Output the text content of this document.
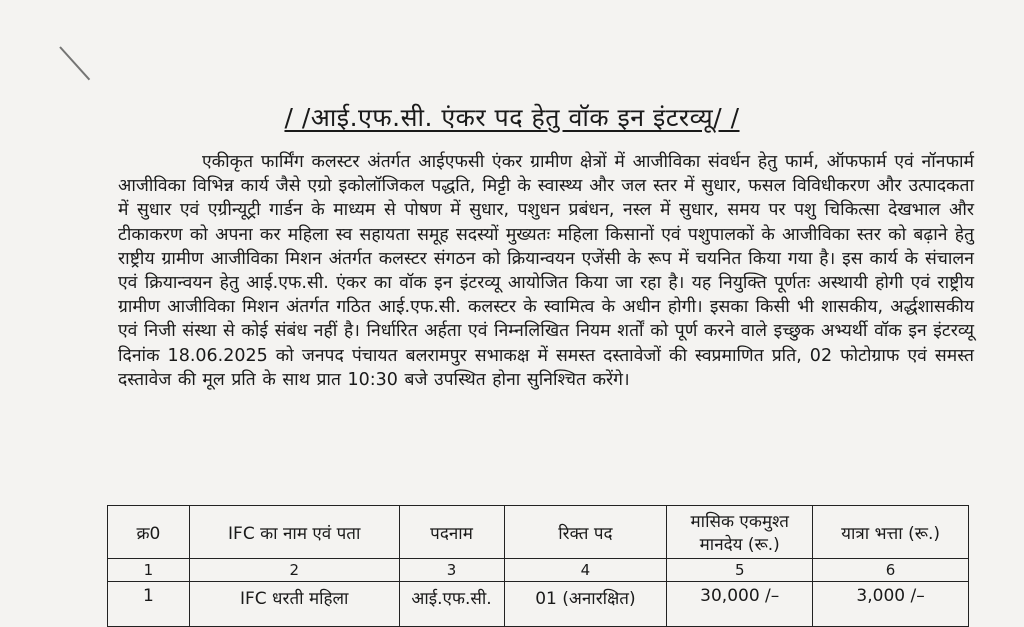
/ /आई.एफ.सी. एंकर पद हेतु वॉक इन इंटरव्यू/ /
एकीकृत फार्मिंग कलस्टर अंतर्गत आईएफसी एंकर ग्रामीण क्षेत्रों में आजीविका संवर्धन हेतु फार्म, ऑफफार्म एवं नॉनफार्म आजीविका विभिन्न कार्य जैसे एग्रो इकोलॉजिकल पद्धति, मिट्टी के स्वास्थ्य और जल स्तर में सुधार, फसल विविधीकरण और उत्पादकता में सुधार एवं एग्रीन्यूट्री गार्डन के माध्यम से पोषण में सुधार, पशुधन प्रबंधन, नस्ल में सुधार, समय पर पशु चिकित्सा देखभाल और टीकाकरण को अपना कर महिला स्व सहायता समूह सदस्यों मुख्यतः महिला किसानों एवं पशुपालकों के आजीविका स्तर को बढ़ाने हेतु राष्ट्रीय ग्रामीण आजीविका मिशन अंतर्गत कलस्टर संगठन को क्रियान्वयन एजेंसी के रूप में चयनित किया गया है। इस कार्य के संचालन एवं क्रियान्वयन हेतु आई.एफ.सी. एंकर का वॉक इन इंटरव्यू आयोजित किया जा रहा है। यह नियुक्ति पूर्णतः अस्थायी होगी एवं राष्ट्रीय ग्रामीण आजीविका मिशन अंतर्गत गठित आई.एफ.सी. कलस्टर के स्वामित्व के अधीन होगी। इसका किसी भी शासकीय, अर्द्धशासकीय एवं निजी संस्था से कोई संबंध नहीं है। निर्धारित अर्हता एवं निम्नलिखित नियम शर्तों को पूर्ण करने वाले इच्छुक अभ्यर्थी वॉक इन इंटरव्यू दिनांक 18.06.2025 को जनपद पंचायत बलरामपुर सभाकक्ष में समस्त दस्तावेजों की स्वप्रमाणित प्रति, 02 फोटोग्राफ एवं समस्त दस्तावेज की मूल प्रति के साथ प्रात 10:30 बजे उपस्थित होना सुनिश्चित करेंगे।
क्र0	IFC का नाम एवं पता	पदनाम	रिक्त पद	मासिक एकमुश्त मानदेय (रू.)	यात्रा भत्ता (रू.)
1	2	3	4	5	6
1	IFC धरती महिला	आई.एफ.सी.	01 (अनारक्षित)	30,000 /–	3,000 /–
